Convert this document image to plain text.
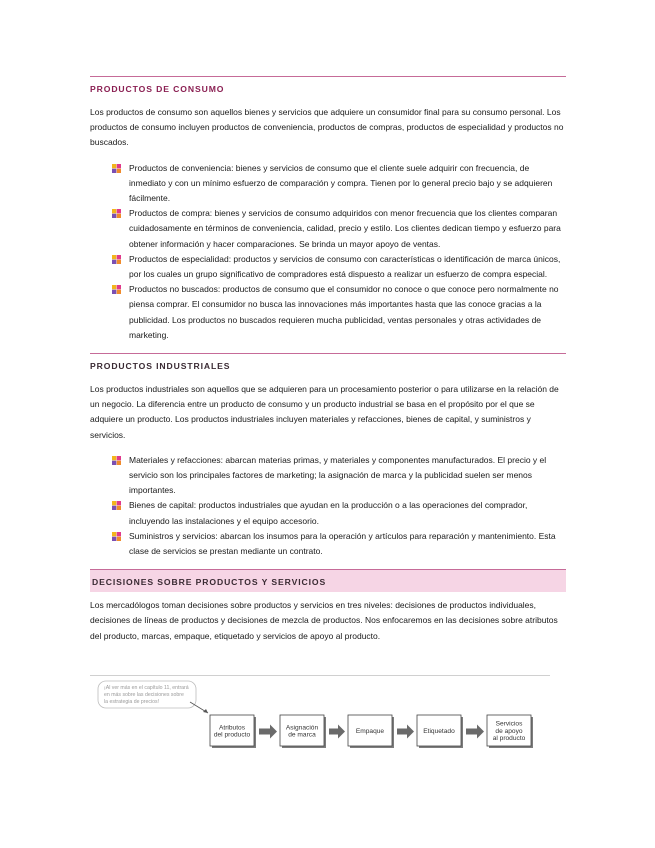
PRODUCTOS DE CONSUMO

Los productos de consumo son aquellos bienes y servicios que adquiere un consumidor final para su consumo personal. Los productos de consumo incluyen productos de conveniencia, productos de compras, productos de especialidad y productos no buscados.

Productos de conveniencia: bienes y servicios de consumo que el cliente suele adquirir con frecuencia, de inmediato y con un mínimo esfuerzo de comparación y compra. Tienen por lo general precio bajo y se adquieren fácilmente.
Productos de compra: bienes y servicios de consumo adquiridos con menor frecuencia que los clientes comparan cuidadosamente en términos de conveniencia, calidad, precio y estilo. Los clientes dedican tiempo y esfuerzo para obtener información y hacer comparaciones. Se brinda un mayor apoyo de ventas.
Productos de especialidad: productos y servicios de consumo con características o identificación de marca únicos, por los cuales un grupo significativo de compradores está dispuesto a realizar un esfuerzo de compra especial.
Productos no buscados: productos de consumo que el consumidor no conoce o que conoce pero normalmente no piensa comprar. El consumidor no busca las innovaciones más importantes hasta que las conoce gracias a la publicidad. Los productos no buscados requieren mucha publicidad, ventas personales y otras actividades de marketing.
PRODUCTOS INDUSTRIALES

Los productos industriales son aquellos que se adquieren para un procesamiento posterior o para utilizarse en la relación de un negocio. La diferencia entre un producto de consumo y un producto industrial se basa en el propósito por el que se adquiere un producto. Los productos industriales incluyen materiales y refacciones, bienes de capital, y suministros y servicios.

Materiales y refacciones: abarcan materias primas, y materiales y componentes manufacturados. El precio y el servicio son los principales factores de marketing; la asignación de marca y la publicidad suelen ser menos importantes.
Bienes de capital: productos industriales que ayudan en la producción o a las operaciones del comprador, incluyendo las instalaciones y el equipo accesorio.
Suministros y servicios: abarcan los insumos para la operación y artículos para reparación y mantenimiento. Esta clase de servicios se prestan mediante un contrato.
DECISIONES SOBRE PRODUCTOS Y SERVICIOS

Los mercadólogos toman decisiones sobre productos y servicios en tres niveles: decisiones de productos individuales, decisiones de líneas de productos y decisiones de mezcla de productos. Nos enfocaremos en las decisiones sobre atributos del producto, marcas, empaque, etiquetado y servicios de apoyo al producto.

¡Al ver más en el capítulo 11, entrará
en más sobre las decisiones sobre
la estrategia de precios!
Atributos
del producto
Asignación
de marca
Empaque	Etiquetado
Servicios
de apoyo
al producto
